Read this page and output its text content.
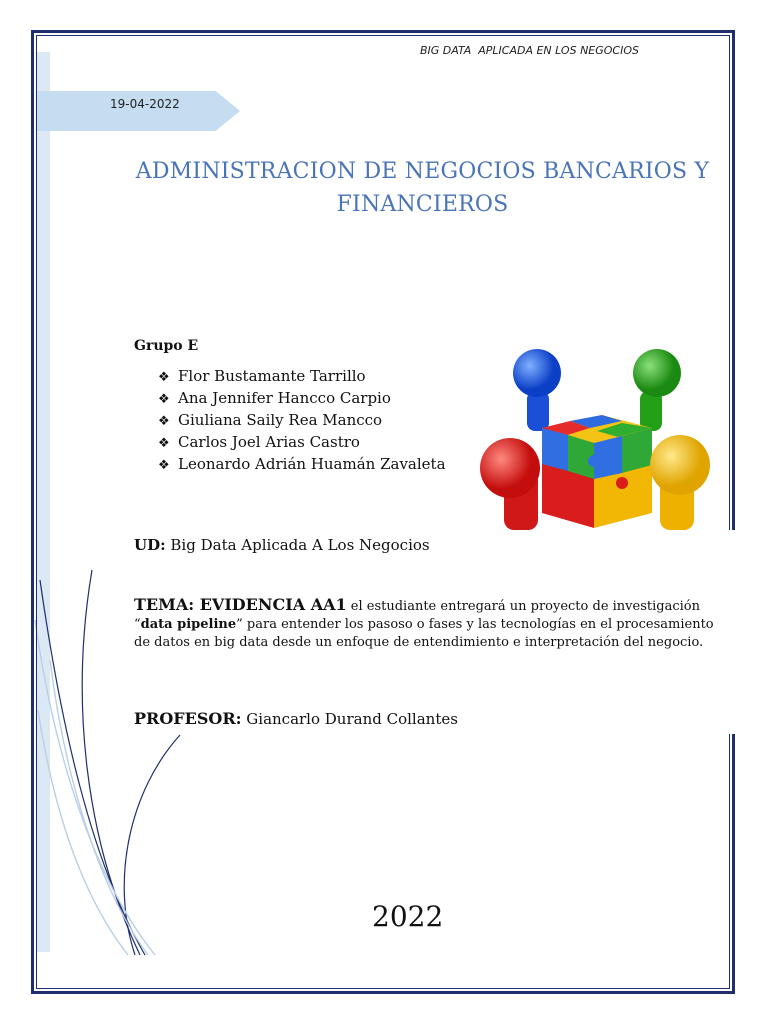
BIG DATA  APLICADA EN LOS NEGOCIOS
19-04-2022
ADMINISTRACION DE NEGOCIOS BANCARIOS Y FINANCIEROS
Grupo E
❖ Flor Bustamante Tarrillo
❖ Ana Jennifer Hancco Carpio
❖ Giuliana Saily Rea Mancco
❖ Carlos Joel Arias Castro
❖ Leonardo Adrián Huamán Zavaleta
UD: Big Data Aplicada A Los Negocios
TEMA: EVIDENCIA AA1 el estudiante entregará un proyecto de investigación “data pipeline” para entender los pasoso o fases y las tecnologías en el procesamiento de datos en big data desde un enfoque de entendimiento e interpretación del negocio.
PROFESOR: Giancarlo Durand Collantes
2022
